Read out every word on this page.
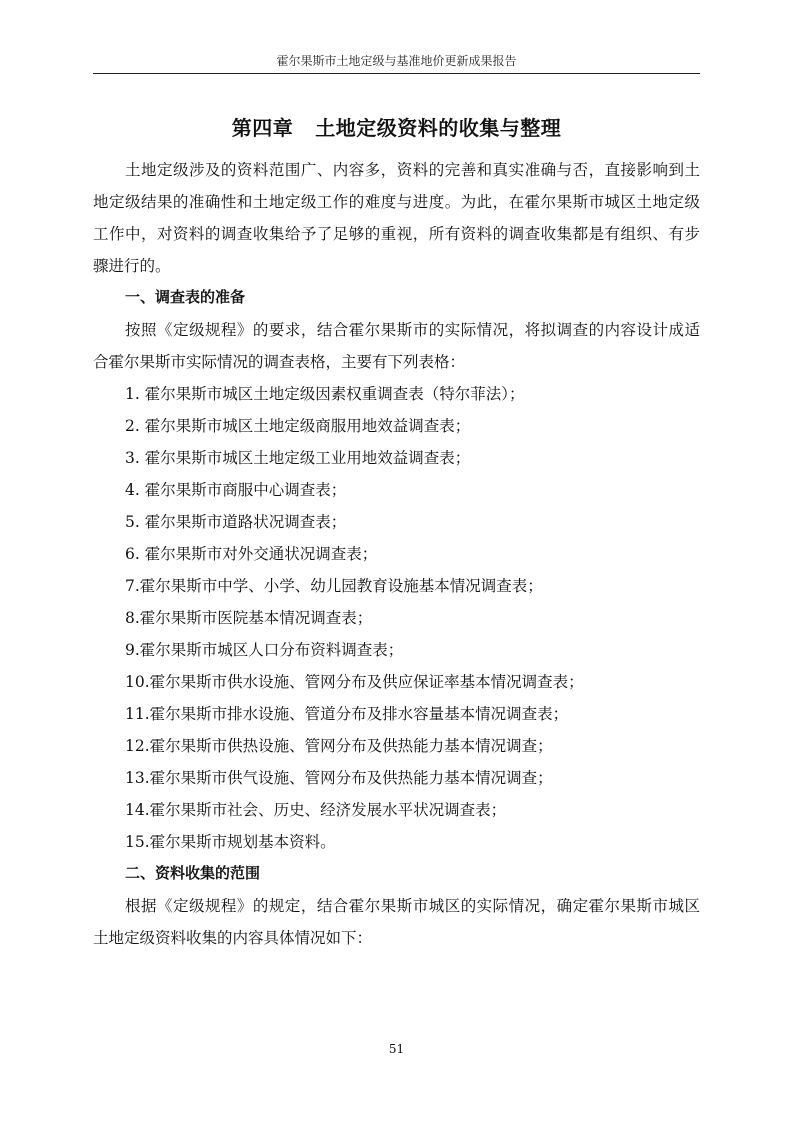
霍尔果斯市土地定级与基准地价更新成果报告
第四章 土地定级资料的收集与整理
土地定级涉及的资料范围广、内容多，资料的完善和真实准确与否，直接影响到土
地定级结果的准确性和土地定级工作的难度与进度。为此，在霍尔果斯市城区土地定级
工作中，对资料的调查收集给予了足够的重视，所有资料的调查收集都是有组织、有步
骤进行的。
一、调查表的准备
按照《定级规程》的要求，结合霍尔果斯市的实际情况，将拟调查的内容设计成适
合霍尔果斯市实际情况的调查表格，主要有下列表格：
1. 霍尔果斯市城区土地定级因素权重调查表（特尔菲法）；
2. 霍尔果斯市城区土地定级商服用地效益调查表；
3. 霍尔果斯市城区土地定级工业用地效益调查表；
4. 霍尔果斯市商服中心调查表；
5. 霍尔果斯市道路状况调查表；
6. 霍尔果斯市对外交通状况调查表；
7.霍尔果斯市中学、小学、幼儿园教育设施基本情况调查表；
8.霍尔果斯市医院基本情况调查表；
9.霍尔果斯市城区人口分布资料调查表；
10.霍尔果斯市供水设施、管网分布及供应保证率基本情况调查表；
11.霍尔果斯市排水设施、管道分布及排水容量基本情况调查表；
12.霍尔果斯市供热设施、管网分布及供热能力基本情况调查；
13.霍尔果斯市供气设施、管网分布及供热能力基本情况调查；
14.霍尔果斯市社会、历史、经济发展水平状况调查表；
15.霍尔果斯市规划基本资料。
二、资料收集的范围
根据《定级规程》的规定，结合霍尔果斯市城区的实际情况，确定霍尔果斯市城区
土地定级资料收集的内容具体情况如下：
51
